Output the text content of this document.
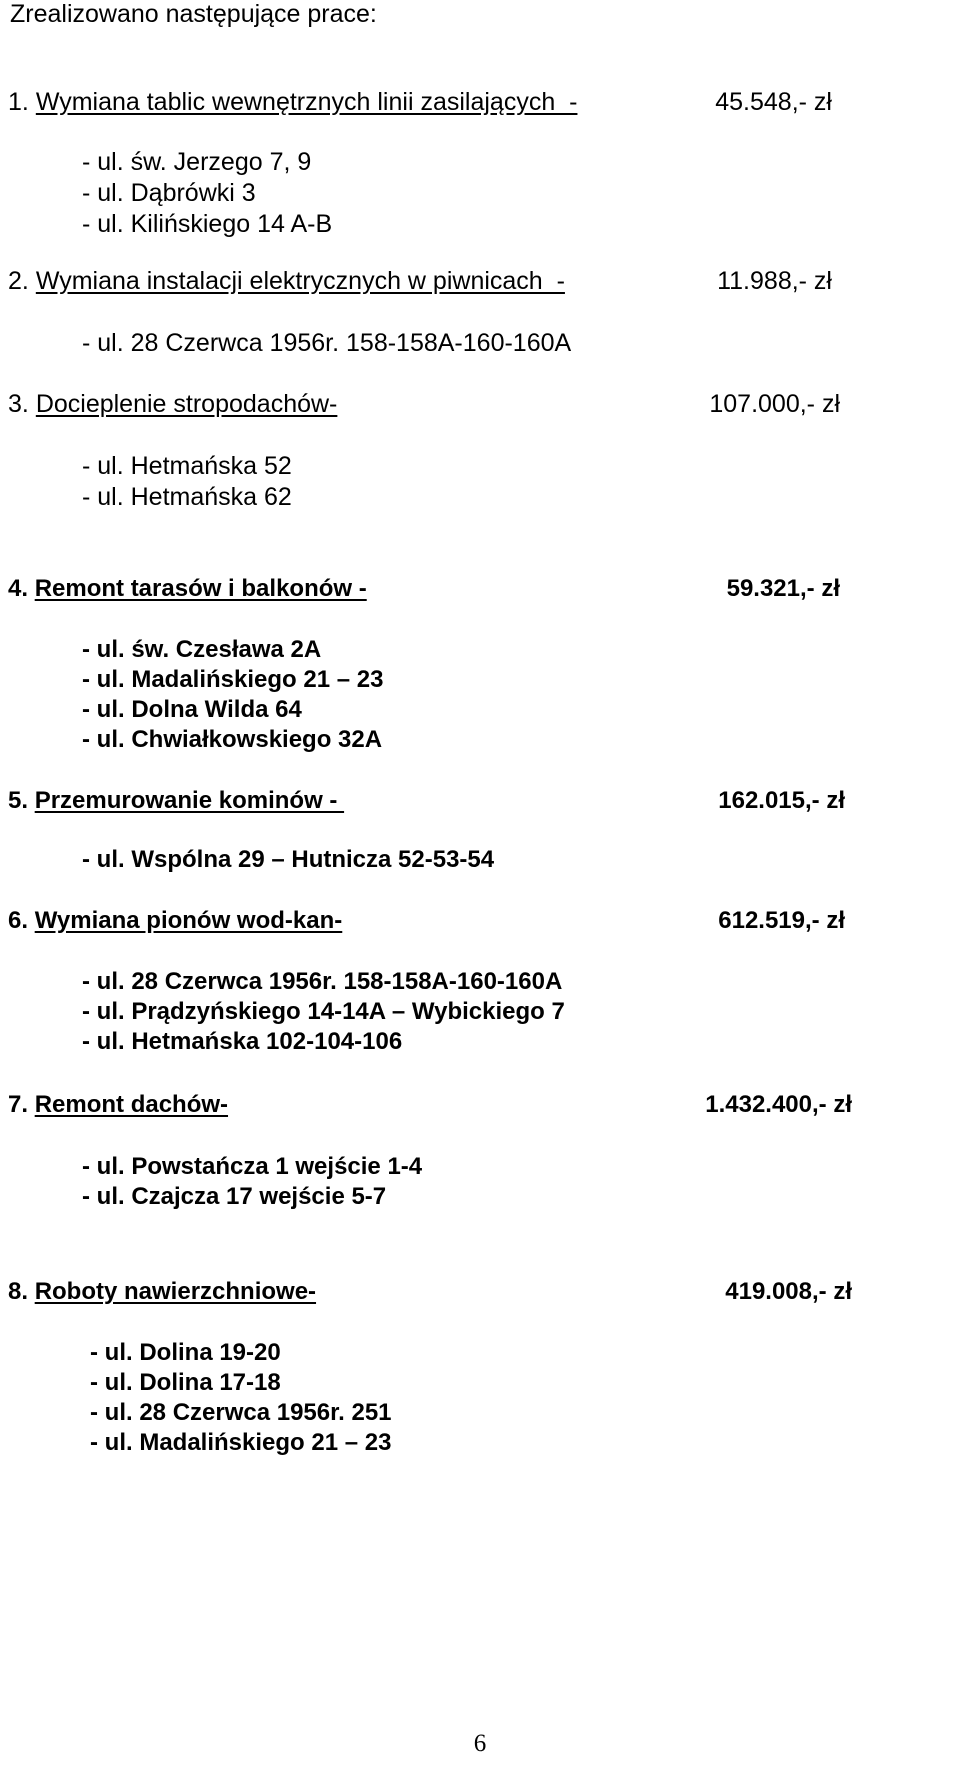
Zrealizowano następujące prace:
1. Wymiana tablic wewnętrznych linii zasilających  -	45.548,- zł
- ul. św. Jerzego 7, 9
- ul. Dąbrówki 3
- ul. Kilińskiego 14 A-B
2. Wymiana instalacji elektrycznych w piwnicach  -	11.988,- zł
- ul. 28 Czerwca 1956r. 158-158A-160-160A
3. Docieplenie stropodachów-	107.000,- zł
- ul. Hetmańska 52
- ul. Hetmańska 62
4. Remont tarasów i balkonów -	59.321,- zł
- ul. św. Czesława 2A
- ul. Madalińskiego 21 – 23
- ul. Dolna Wilda 64
- ul. Chwiałkowskiego 32A
5. Przemurowanie kominów -	162.015,- zł
- ul. Wspólna 29 – Hutnicza 52-53-54
6. Wymiana pionów wod-kan-	612.519,- zł
- ul. 28 Czerwca 1956r. 158-158A-160-160A
- ul. Prądzyńskiego 14-14A – Wybickiego 7
- ul. Hetmańska 102-104-106
7. Remont dachów-	1.432.400,- zł
- ul. Powstańcza 1 wejście 1-4
- ul. Czajcza 17 wejście 5-7
8. Roboty nawierzchniowe-	419.008,- zł
- ul. Dolina 19-20
- ul. Dolina 17-18
- ul. 28 Czerwca 1956r. 251
- ul. Madalińskiego 21 – 23
6
